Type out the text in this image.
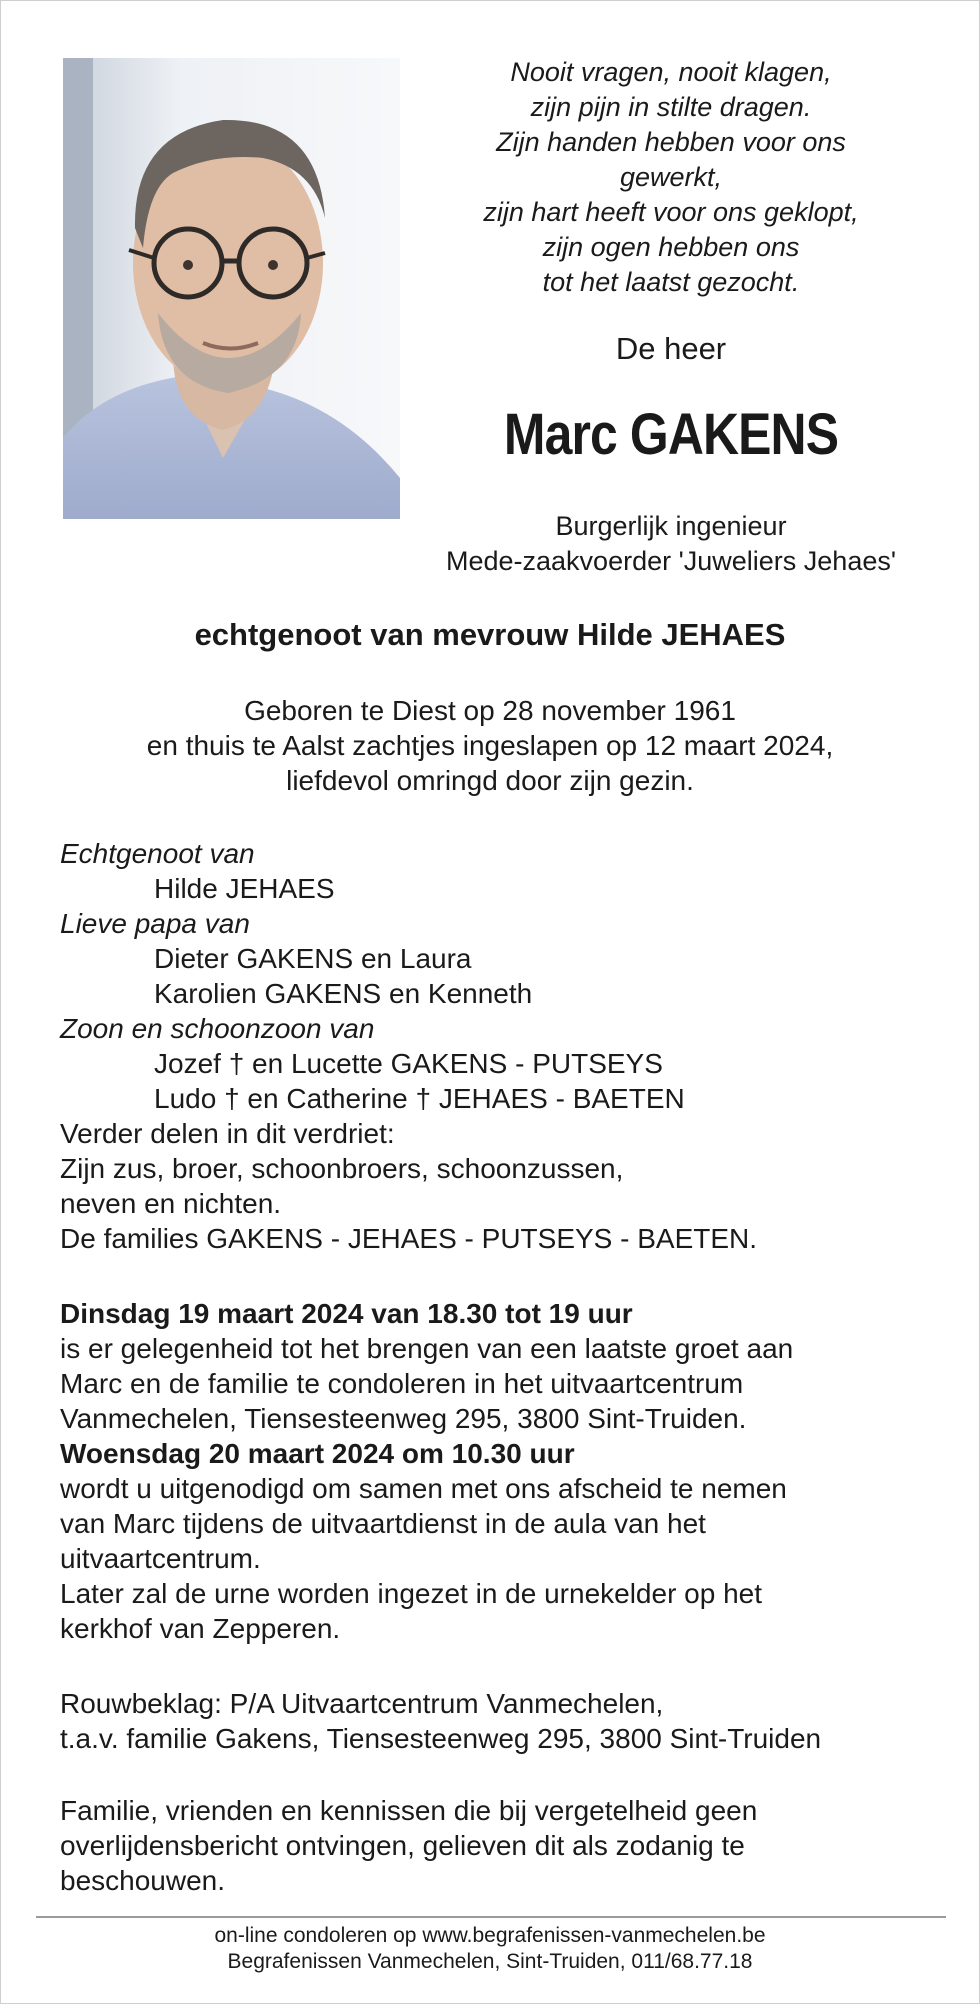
Nooit vragen, nooit klagen,
zijn pijn in stilte dragen.
Zijn handen hebben voor ons
gewerkt,
zijn hart heeft voor ons geklopt,
zijn ogen hebben ons
tot het laatst gezocht.
De heer
Marc GAKENS
Burgerlijk ingenieur
Mede-zaakvoerder 'Juweliers Jehaes'
echtgenoot van mevrouw Hilde JEHAES
Geboren te Diest op 28 november 1961
en thuis te Aalst zachtjes ingeslapen op 12 maart 2024,
liefdevol omringd door zijn gezin.
Echtgenoot van
Hilde JEHAES
Lieve papa van
Dieter GAKENS en Laura
Karolien GAKENS en Kenneth
Zoon en schoonzoon van
Jozef † en Lucette GAKENS - PUTSEYS
Ludo † en Catherine † JEHAES - BAETEN
Verder delen in dit verdriet:
Zijn zus, broer, schoonbroers, schoonzussen,
neven en nichten.
De families GAKENS - JEHAES - PUTSEYS - BAETEN.
Dinsdag 19 maart 2024 van 18.30 tot 19 uur
is er gelegenheid tot het brengen van een laatste groet aan
Marc en de familie te condoleren in het uitvaartcentrum
Vanmechelen, Tiensesteenweg 295, 3800 Sint-Truiden.
Woensdag 20 maart 2024 om 10.30 uur
wordt u uitgenodigd om samen met ons afscheid te nemen
van Marc tijdens de uitvaartdienst in de aula van het
uitvaartcentrum.
Later zal de urne worden ingezet in de urnekelder op het
kerkhof van Zepperen.
Rouwbeklag: P/A Uitvaartcentrum Vanmechelen,
t.a.v. familie Gakens, Tiensesteenweg 295, 3800 Sint-Truiden
Familie, vrienden en kennissen die bij vergetelheid geen
overlijdensbericht ontvingen, gelieven dit als zodanig te
beschouwen.
on-line condoleren op www.begrafenissen-vanmechelen.be
Begrafenissen Vanmechelen, Sint-Truiden, 011/68.77.18
